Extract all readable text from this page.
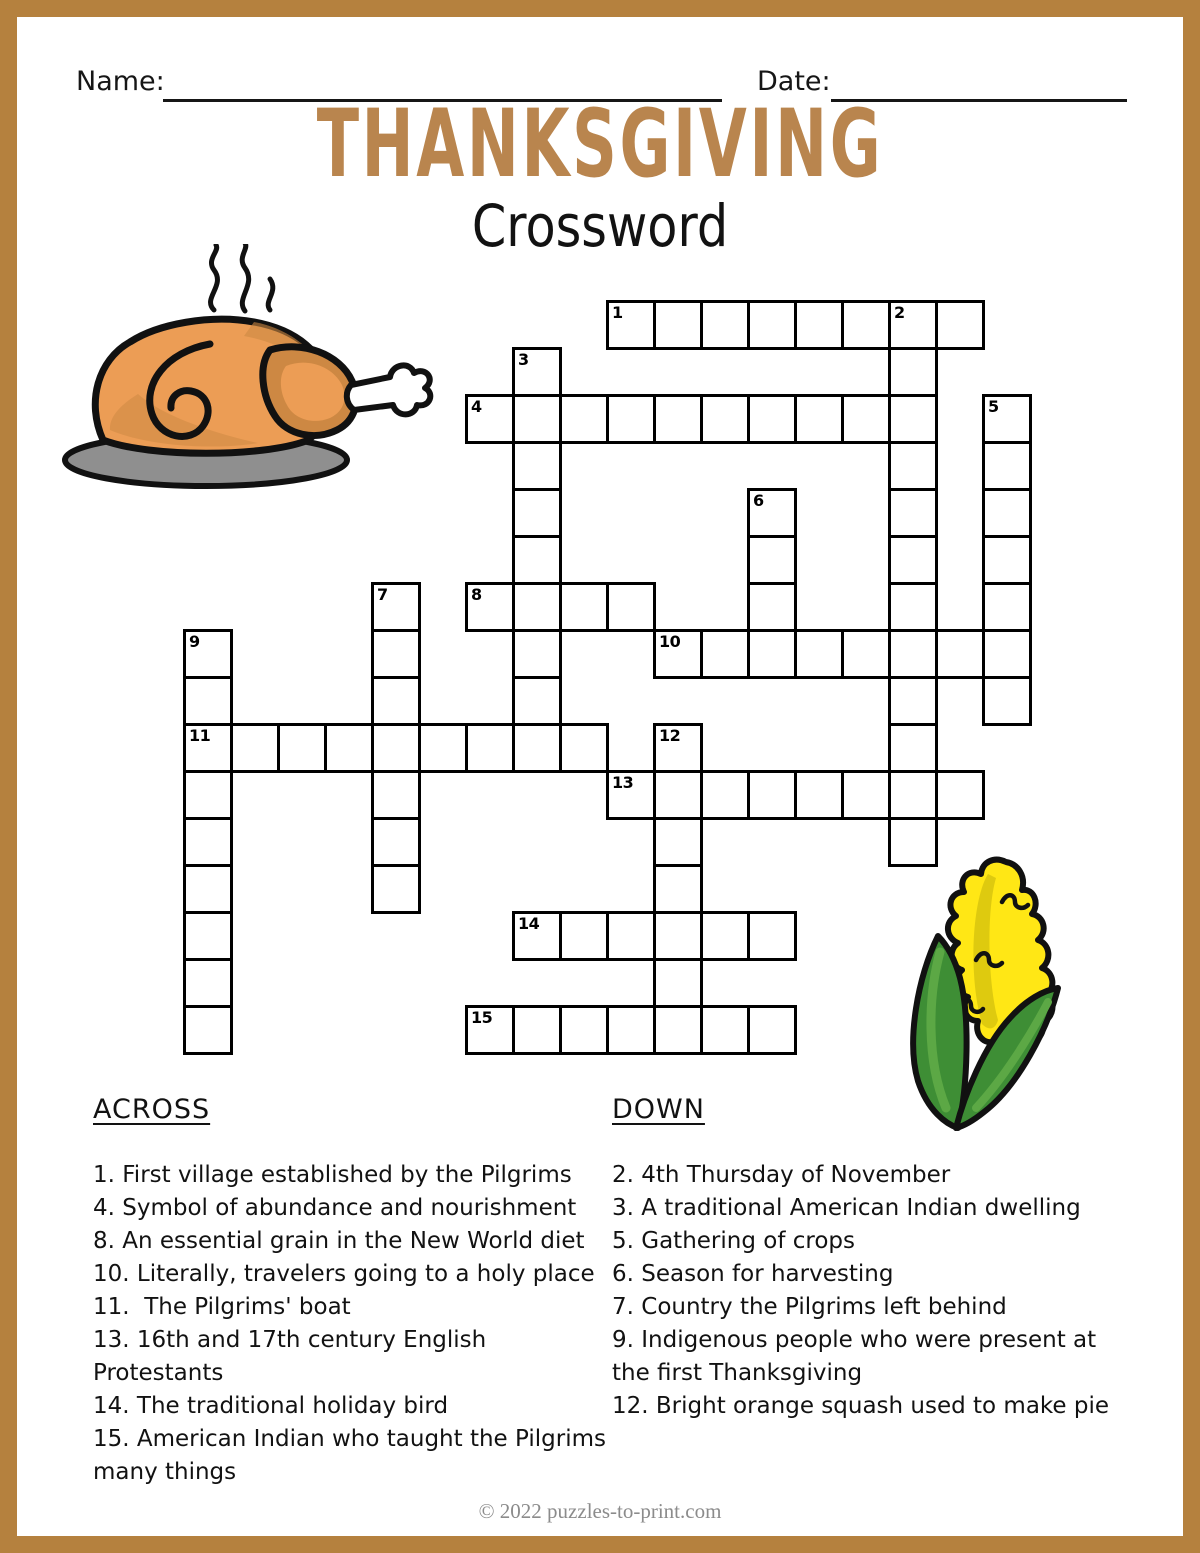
Name:	Date:
THANKSGIVING
Crossword
1	2
3
4	5
6
7	8
9
11
10
12
13
14
15
ACROSS
1. First village established by the Pilgrims
4. Symbol of abundance and nourishment
8. An essential grain in the New World diet
10. Literally, travelers going to a holy place
11.  The Pilgrims' boat
13. 16th and 17th century English Protestants
14. The traditional holiday bird
15. American Indian who taught the Pilgrims many things
DOWN
2. 4th Thursday of November
3. A traditional American Indian dwelling
5. Gathering of crops
6. Season for harvesting
7. Country the Pilgrims left behind
9. Indigenous people who were present at the first Thanksgiving
12. Bright orange squash used to make pie
© 2022 puzzles-to-print.com
